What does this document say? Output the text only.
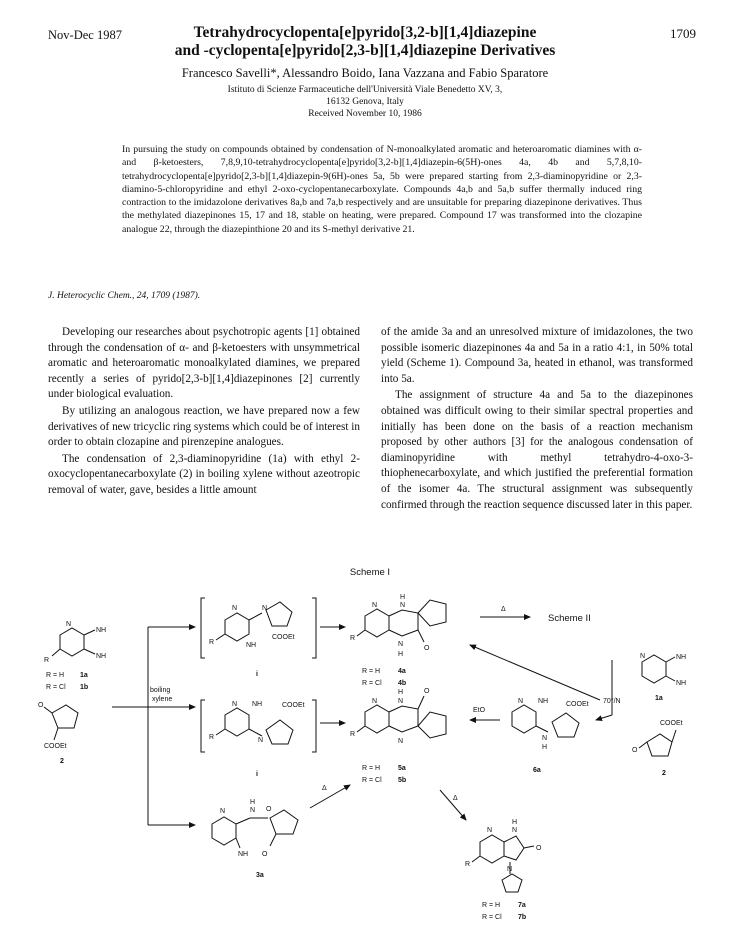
Nov-Dec 1987	1709
Tetrahydrocyclopenta[e]pyrido[3,2-b][1,4]diazepine
and -cyclopenta[e]pyrido[2,3-b][1,4]diazepine Derivatives
Francesco Savelli*, Alessandro Boido, Iana Vazzana and Fabio Sparatore
Istituto di Scienze Farmaceutiche dell'Università Viale Benedetto XV, 3,
16132 Genova, Italy
Received November 10, 1986
In pursuing the study on compounds obtained by condensation of N-monoalkylated aromatic and heteroaromatic diamines with α- and β-ketoesters, 7,8,9,10-tetrahydrocyclopenta[e]pyrido[3,2-b][1,4]diazepin-6(5H)-ones 4a, 4b and 5,7,8,10-tetrahydrocyclopenta[e]pyrido[2,3-b][1,4]diazepin-9(6H)-ones 5a, 5b were prepared starting from 2,3-diaminopyridine or 2,3-diamino-5-chloropyridine and ethyl 2-oxo-cyclopentanecarboxylate. Compounds 4a,b and 5a,b suffer thermally induced ring contraction to the imidazolone derivatives 8a,b and 7a,b respectively and are unsuitable for preparing diazepinone derivatives. Thus the methylated diazepinones 15, 17 and 18, stable on heating, were prepared. Compound 17 was transformed into the clozapine analogue 22, through the diazepinthione 20 and its S-methyl derivative 21.
J. Heterocyclic Chem., 24, 1709 (1987).

Developing our researches about psychotropic agents [1] obtained through the condensation of α- and β-ketoesters with unsymmetrical aromatic and heteroaromatic monoalkylated diamines, we prepared recently a series of pyrido[2,3-b][1,4]diazepinones [2] currently under biological evaluation.

By utilizing an analogous reaction, we have prepared now a few derivatives of new tricyclic ring systems which could be of interest in order to obtain clozapine and pirenzepine analogues.

The condensation of 2,3-diaminopyridine (1a) with ethyl 2-oxocyclopentanecarboxylate (2) in boiling xylene without azeotropic removal of water, gave, besides a little amount

of the amide 3a and an unresolved mixture of imidazolones, the two possible isomeric diazepinones 4a and 5a in a ratio 4:1, in 50% total yield (Scheme 1). Compound 3a, heated in ethanol, was transformed into 5a.

The assignment of structure 4a and 5a to the diazepinones obtained was difficult owing to their similar spectral properties and initially has been done on the basis of a reaction mechanism proposed by other authors [3] for the analogous condensation of diaminopyridine with methyl tetrahydro-4-oxo-3-thiophenecarboxylate, and which justified the preferential formation of the isomer 4a. The structural assignment was subsequently confirmed through the reaction sequence discussed later in this paper.

Scheme I
N
NH
NH
R
R = H 1a
R = Cl 1b
O
COOEt
2
boiling
xylene
N	N
R	NH
COOEt
i
N NH	COOEt
N
R
i
N	N
H
N
H
O
R
R = H	4a
R = Cl 4b
N	N
H
N
O
R
R = H	5a
R = Cl 5b
Δ
Scheme II
N	NH
NH
1a
COOEt
O
2
70°/N
N NH	COOEt
N
H
6a
EtO
N	N
H
O
NH O
3a
Δ
Δ
N	N
H
O
N
R
R = H	7a
R = Cl 7b
